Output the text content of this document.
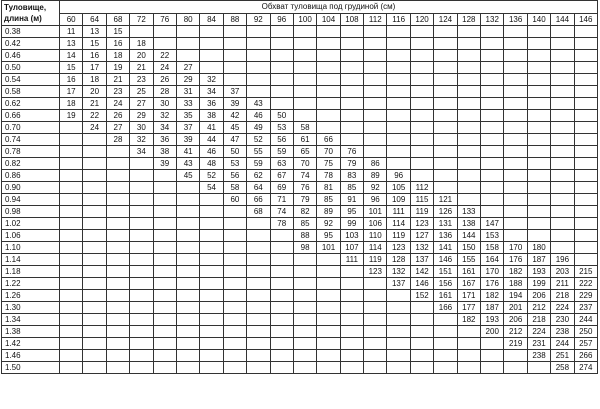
Туловище,
длина (м)	Обхват туловища под грудиной (см)																						
	60	64	68	72	76	80	84	88	92	96	100	104	108	112	116	120	124	128	132	136	140	144	146
0.38	11	13	15																				
0.42	13	15	16	18																			
0.46	14	16	18	20	22																		
0.50	15	17	19	21	24	27																	
0.54	16	18	21	23	26	29	32																
0.58	17	20	23	25	28	31	34	37															
0.62	18	21	24	27	30	33	36	39	43														
0.66	19	22	26	29	32	35	38	42	46	50													
0.70		24	27	30	34	37	41	45	49	53	58												
0.74			28	32	36	39	44	47	52	56	61	66											
0.78				34	38	41	46	50	55	59	65	70	76										
0.82					39	43	48	53	59	63	70	75	79	86									
0.86						45	52	56	62	67	74	78	83	89	96								
0.90							54	58	64	69	76	81	85	92	105	112							
0.94								60	66	71	79	85	91	96	109	115	121						
0.98									68	74	82	89	95	101	111	119	126	133					
1.02										78	85	92	99	106	114	123	131	138	147				
1.06											88	95	103	110	119	127	136	144	153				
1.10											98	101	107	114	123	132	141	150	158	170	180		
1.14													111	119	128	137	146	155	164	176	187	196	
1.18														123	132	142	151	161	170	182	193	203	215
1.22															137	146	156	167	176	188	199	211	222
1.26																152	161	171	182	194	206	218	229
1.30																	166	177	187	201	212	224	237
1.34																		182	193	206	218	230	244
1.38																			200	212	224	238	250
1.42																				219	231	244	257
1.46																					238	251	266
1.50																						258	274
